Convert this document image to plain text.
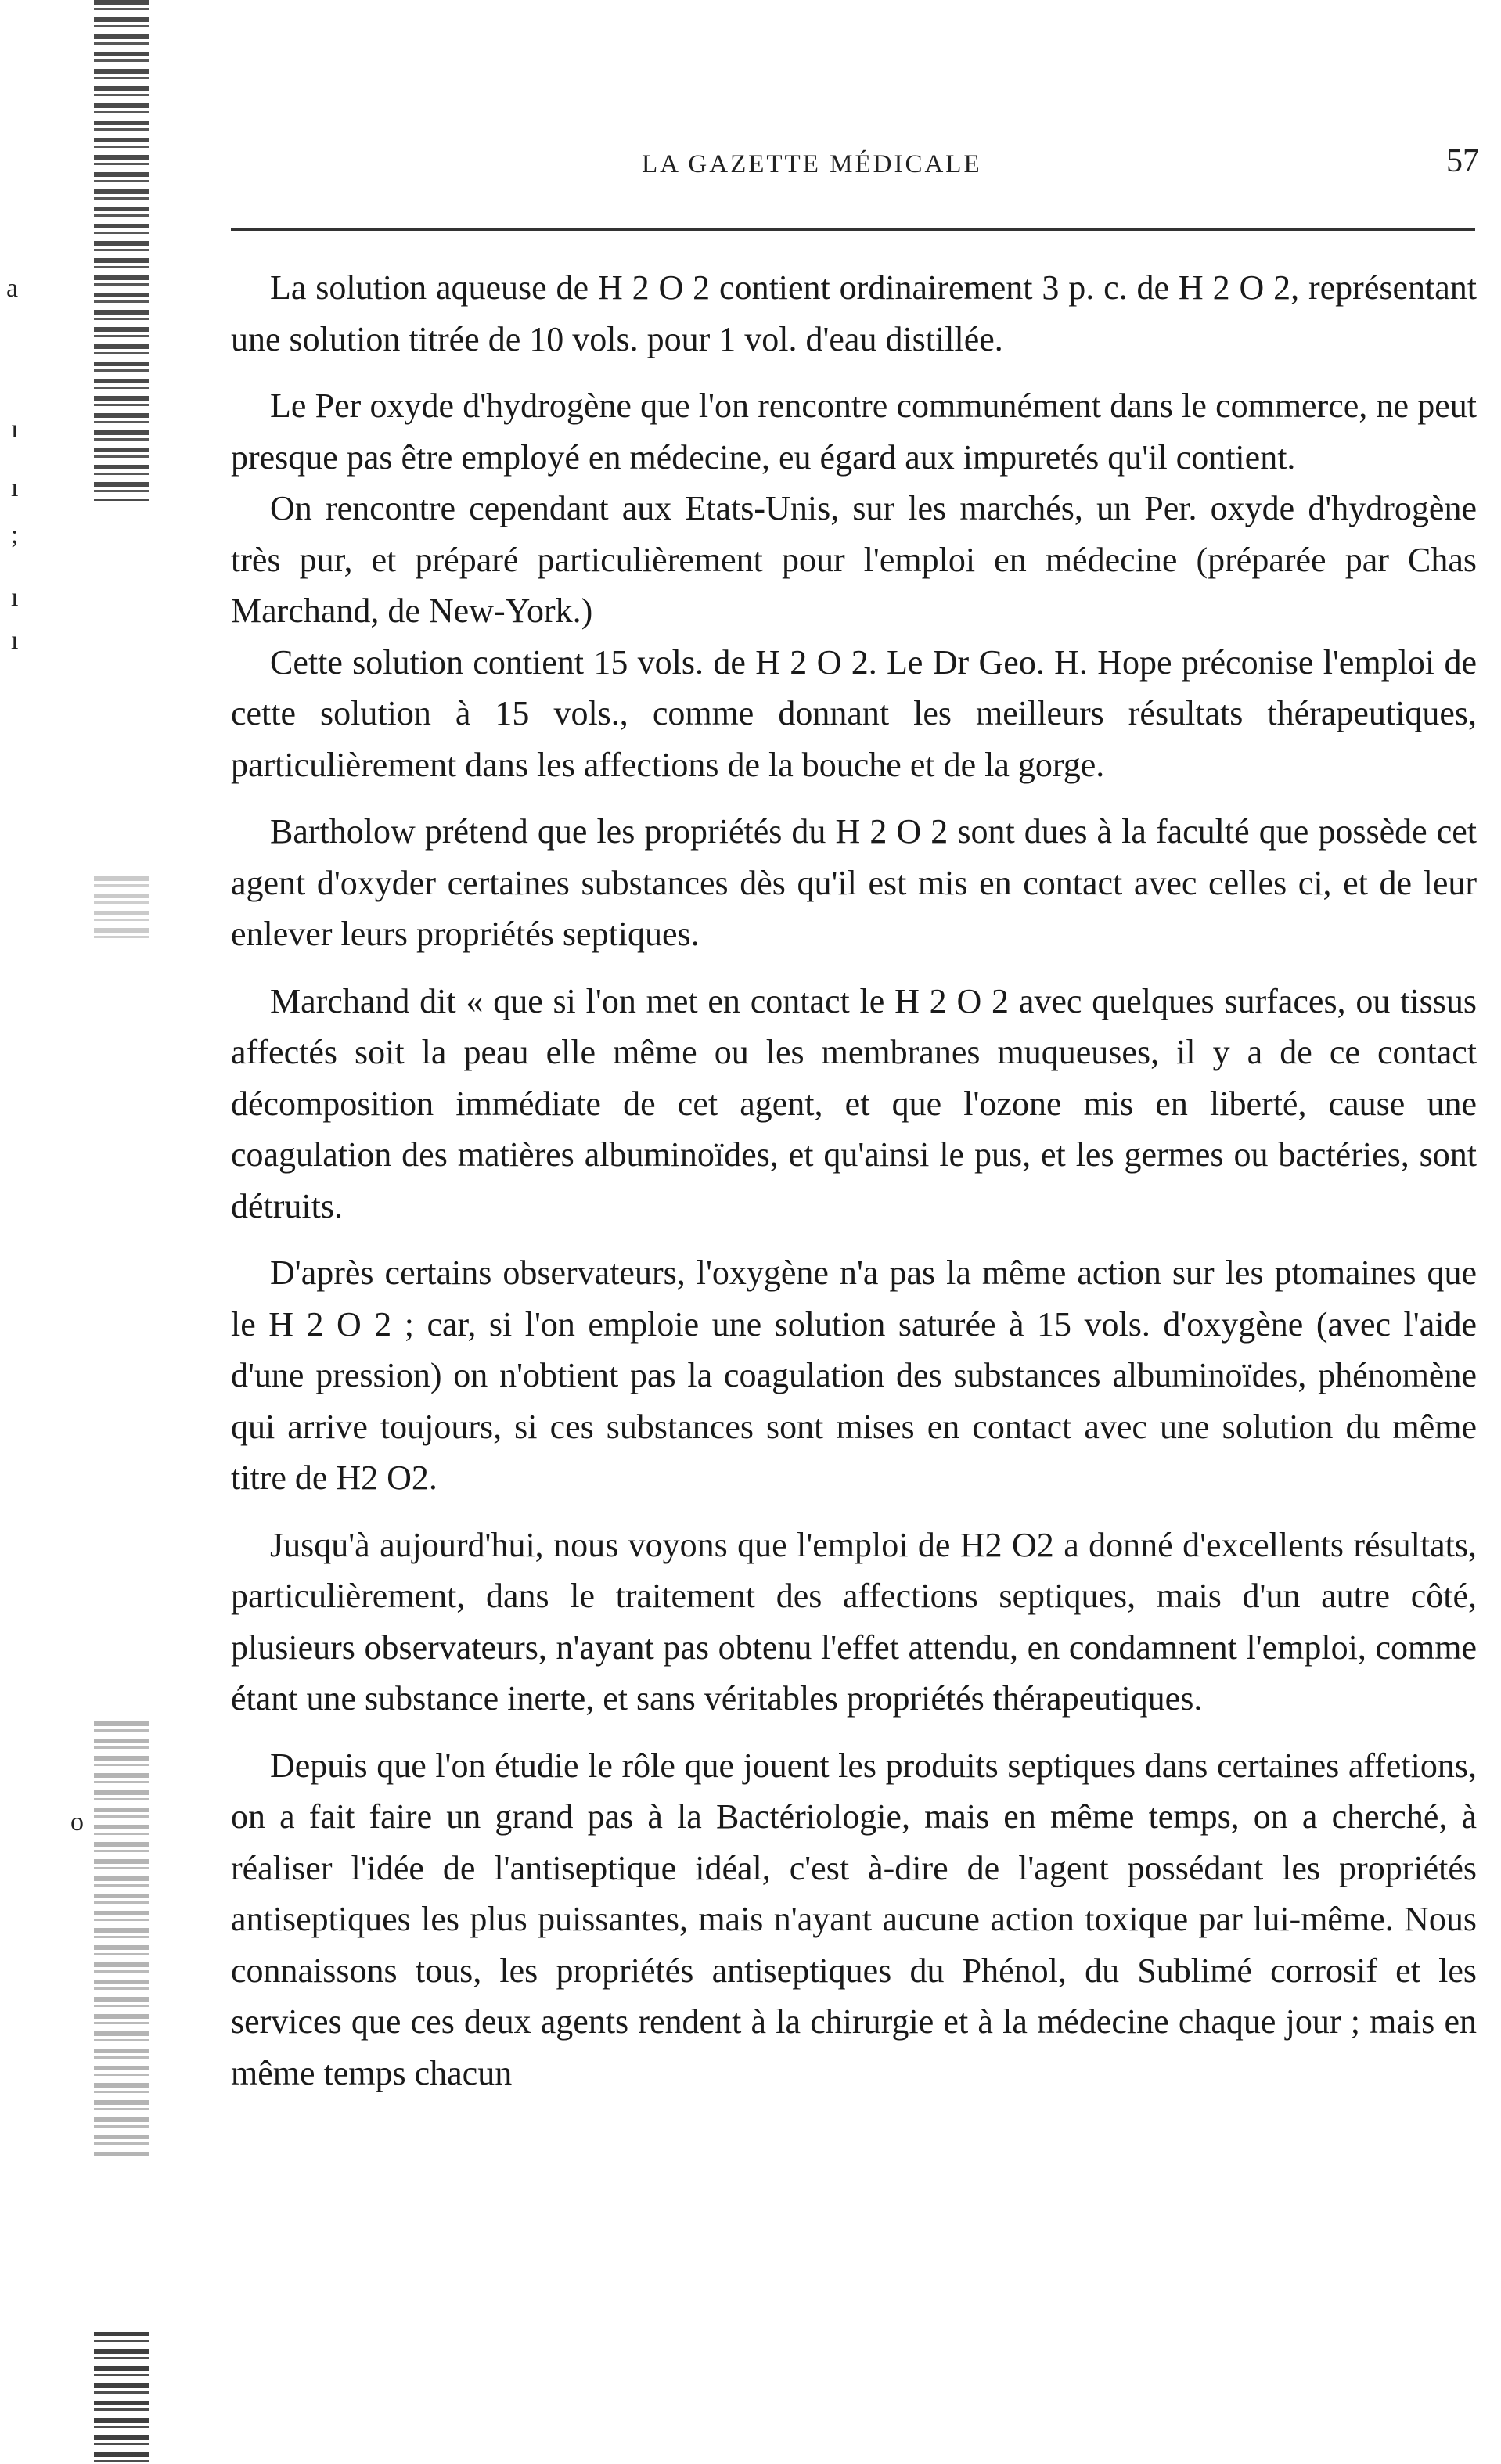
a
ı
ı
;
ı
ı
o
LA GAZETTE MÉDICALE	57

La solution aqueuse de H 2 O 2 contient ordinairement 3 p. c. de H 2 O 2, représentant une solution titrée de 10 vols. pour 1 vol. d'eau distillée.

Le Per oxyde d'hydrogène que l'on rencontre communément dans le commerce, ne peut presque pas être employé en médecine, eu égard aux impuretés qu'il contient.

On rencontre cependant aux Etats-Unis, sur les marchés, un Per. oxyde d'hydrogène très pur, et préparé particulièrement pour l'emploi en médecine (préparée par Chas Marchand, de New-York.)

Cette solution contient 15 vols. de H 2 O 2. Le Dr Geo. H. Hope préconise l'emploi de cette solution à 15 vols., comme donnant les meilleurs résultats thérapeutiques, particulièrement dans les affections de la bouche et de la gorge.

Bartholow prétend que les propriétés du H 2 O 2 sont dues à la faculté que possède cet agent d'oxyder certaines substances dès qu'il est mis en contact avec celles ci, et de leur enlever leurs propriétés septiques.

Marchand dit « que si l'on met en contact le H 2 O 2 avec quelques surfaces, ou tissus affectés soit la peau elle même ou les membranes muqueuses, il y a de ce contact décomposition immédiate de cet agent, et que l'ozone mis en liberté, cause une coagulation des matières albuminoïdes, et qu'ainsi le pus, et les germes ou bactéries, sont détruits.

D'après certains observateurs, l'oxygène n'a pas la même action sur les ptomaines que le H 2 O 2 ; car, si l'on emploie une solution saturée à 15 vols. d'oxygène (avec l'aide d'une pression) on n'obtient pas la coagulation des substances albuminoïdes, phénomène qui arrive toujours, si ces substances sont mises en contact avec une solution du même titre de H2 O2.

Jusqu'à aujourd'hui, nous voyons que l'emploi de H2 O2 a donné d'excellents résultats, particulièrement, dans le traitement des affections septiques, mais d'un autre côté, plusieurs observateurs, n'ayant pas obtenu l'effet attendu, en condamnent l'emploi, comme étant une substance inerte, et sans véritables propriétés thérapeutiques.

Depuis que l'on étudie le rôle que jouent les produits septiques dans certaines affetions, on a fait faire un grand pas à la Bactériologie, mais en même temps, on a cherché, à réaliser l'idée de l'antiseptique idéal, c'est à-dire de l'agent possédant les propriétés antiseptiques les plus puissantes, mais n'ayant aucune action toxique par lui-même. Nous connaissons tous, les propriétés antiseptiques du Phénol, du Sublimé corrosif et les services que ces deux agents rendent à la chirurgie et à la médecine chaque jour ; mais en même temps chacun
